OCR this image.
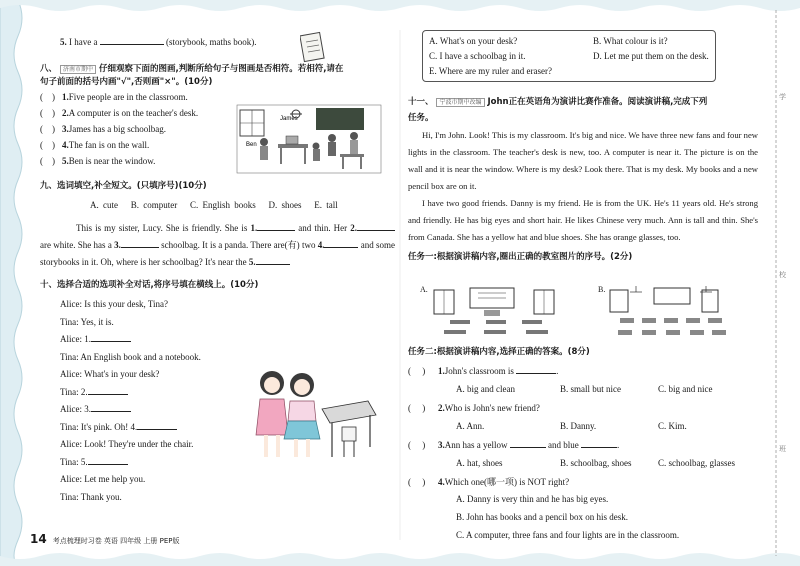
学
校
班
5. I have a	(storybook, maths book).
八、 济南市期中 仔细观察下面的图画,判断所给句子与图画是否相符。若相符,请在
句子前面的括号内画"√",否则画"×"。(10分)
(    ) 1.Five people are in the classroom.
(    ) 2.A computer is on the teacher's desk.
(    ) 3.James has a big schoolbag.
(    ) 4.The fan is on the wall.
(    ) 5.Ben is near the window.
九、选词填空,补全短文。(只填序号)(10分)
A. cute B. computer C. English books D. shoes E. tall
This is my sister, Lucy. She is friendly. She is 1.	and thin. Her 2. are white. She has a 3.	schoolbag. It is a panda. There are(有) two 4.	and some storybooks in it. Oh, where is her schoolbag? It's near the 5.
十、选择合适的选项补全对话,将序号填在横线上。(10分)
Alice: Is this your desk, Tina?
Tina: Yes, it is.
Alice: 1.
Tina: An English book and a notebook.
Alice: What's in your desk?
Tina: 2.
Alice: 3.
Tina: It's pink. Oh! 4.
Alice: Look! They're under the chair.
Tina: 5.
Alice: Let me help you.
Tina: Thank you.
James
Ben
A. What's on your desk?	B. What colour is it?
C. I have a schoolbag in it.	D. Let me put them on the desk.
E. Where are my ruler and eraser?
十一、 宁波市期中改编 John正在英语角为演讲比赛作准备。阅读演讲稿,完成下列
任务。
Hi, I'm John. Look! This is my classroom. It's big and nice. We have three new fans and four new lights in the classroom. The teacher's desk is new, too. A computer is near it. The picture is on the wall and it is near the window. Where is my desk? Look there. That is my desk. My books and a new pencil box are on it.
I have two good friends. Danny is my friend. He is from the UK. He's 11 years old. He's strong and friendly. He has big eyes and short hair. He likes Chinese very much. Ann is tall and thin. She's from Canada. She has a yellow hat and blue shoes. She has orange glasses, too.
任务一:根据演讲稿内容,圈出正确的教室图片的序号。(2分)
A.	B.
任务二:根据演讲稿内容,选择正确的答案。(8分)
(     ) 1.John's classroom is	.
A. big and clean	B. small but nice	C. big and nice
(     ) 2.Who is John's new friend?
A. Ann.	B. Danny.	C. Kim.
(     ) 3.Ann has a yellow	and blue	.
A. hat, shoes	B. schoolbag, shoes	C. schoolbag, glasses
(     ) 4.Which one(哪一项) is NOT right?
A. Danny is very thin and he has big eyes.
B. John has books and a pencil box on his desk.
C. A computer, three fans and four lights are in the classroom.
14 考点梳理时习卷 英语 四年级 上册 PEP版
